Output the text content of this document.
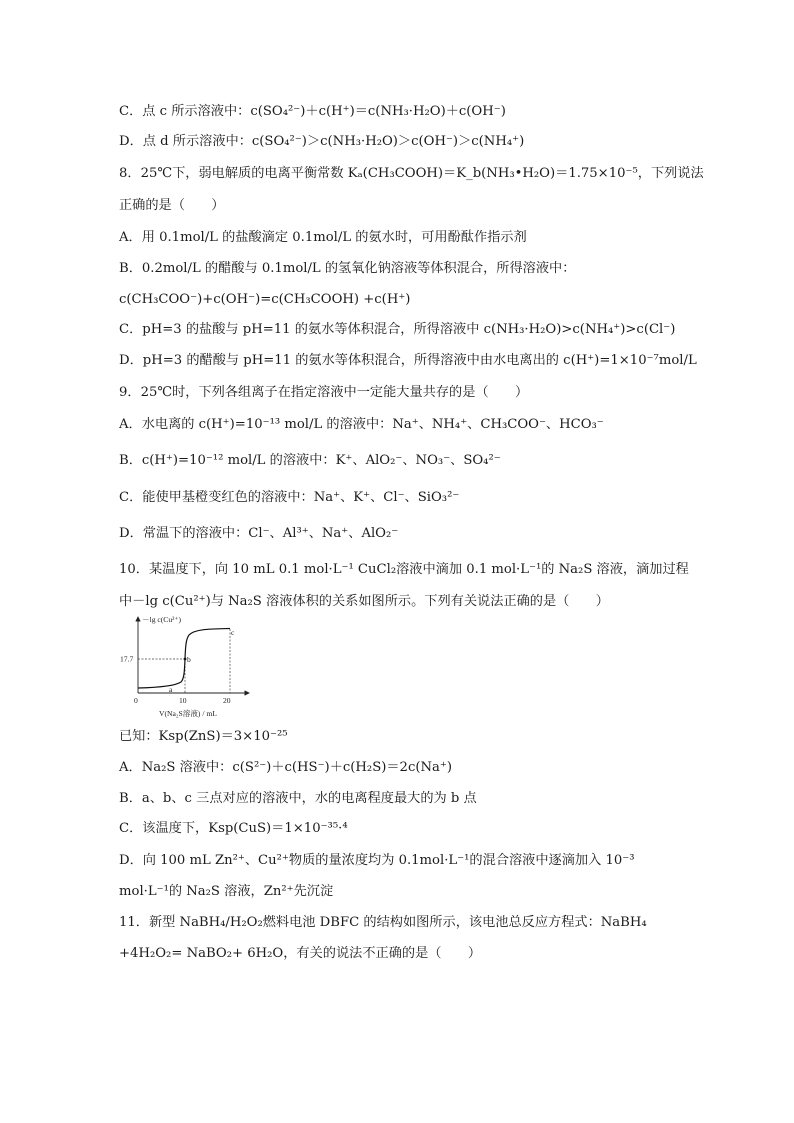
C．点 c 所示溶液中：c(SO₄²⁻)＋c(H⁺)＝c(NH₃·H₂O)＋c(OH⁻)
D．点 d 所示溶液中：c(SO₄²⁻)＞c(NH₃·H₂O)＞c(OH⁻)＞c(NH₄⁺)
8．25℃下，弱电解质的电离平衡常数 Kₐ(CH₃COOH)＝K_b(NH₃•H₂O)＝1.75×10⁻⁵，下列说法
正确的是（　　）
A．用 0.1mol/L 的盐酸滴定 0.1mol/L 的氨水时，可用酚酞作指示剂
B．0.2mol/L 的醋酸与 0.1mol/L 的氢氧化钠溶液等体积混合，所得溶液中：
c(CH₃COO⁻)+c(OH⁻)=c(CH₃COOH) +c(H⁺)
C．pH=3 的盐酸与 pH=11 的氨水等体积混合，所得溶液中 c(NH₃·H₂O)>c(NH₄⁺)>c(Cl⁻)
D．pH=3 的醋酸与 pH=11 的氨水等体积混合，所得溶液中由水电离出的 c(H⁺)=1×10⁻⁷mol/L
9．25℃时，下列各组离子在指定溶液中一定能大量共存的是（　　）
A．水电离的 c(H⁺)=10⁻¹³ mol/L 的溶液中：Na⁺、NH₄⁺、CH₃COO⁻、HCO₃⁻
B．c(H⁺)=10⁻¹² mol/L 的溶液中：K⁺、AlO₂⁻、NO₃⁻、SO₄²⁻
C．能使甲基橙变红色的溶液中：Na⁺、K⁺、Cl⁻、SiO₃²⁻
D．常温下的溶液中：Cl⁻、Al³⁺、Na⁺、AlO₂⁻
10．某温度下，向 10 mL 0.1 mol·L⁻¹ CuCl₂溶液中滴加 0.1 mol·L⁻¹的 Na₂S 溶液，滴加过程
中－lg c(Cu²⁺)与 Na₂S 溶液体积的关系如图所示。下列有关说法正确的是（　　）
－lg c(Cu²⁺)
17.7
0	10	20
V(Na₂S溶液) / mL
a
b
c
已知：Ksp(ZnS)＝3×10⁻²⁵
A．Na₂S 溶液中：c(S²⁻)＋c(HS⁻)＋c(H₂S)＝2c(Na⁺)
B．a、b、c 三点对应的溶液中，水的电离程度最大的为 b 点
C．该温度下，Ksp(CuS)＝1×10⁻³⁵·⁴
D．向 100 mL Zn²⁺、Cu²⁺物质的量浓度均为 0.1mol·L⁻¹的混合溶液中逐滴加入 10⁻³
mol·L⁻¹的 Na₂S 溶液，Zn²⁺先沉淀
11．新型 NaBH₄/H₂O₂燃料电池 DBFC 的结构如图所示，该电池总反应方程式：NaBH₄
+4H₂O₂= NaBO₂+ 6H₂O，有关的说法不正确的是（　　）
